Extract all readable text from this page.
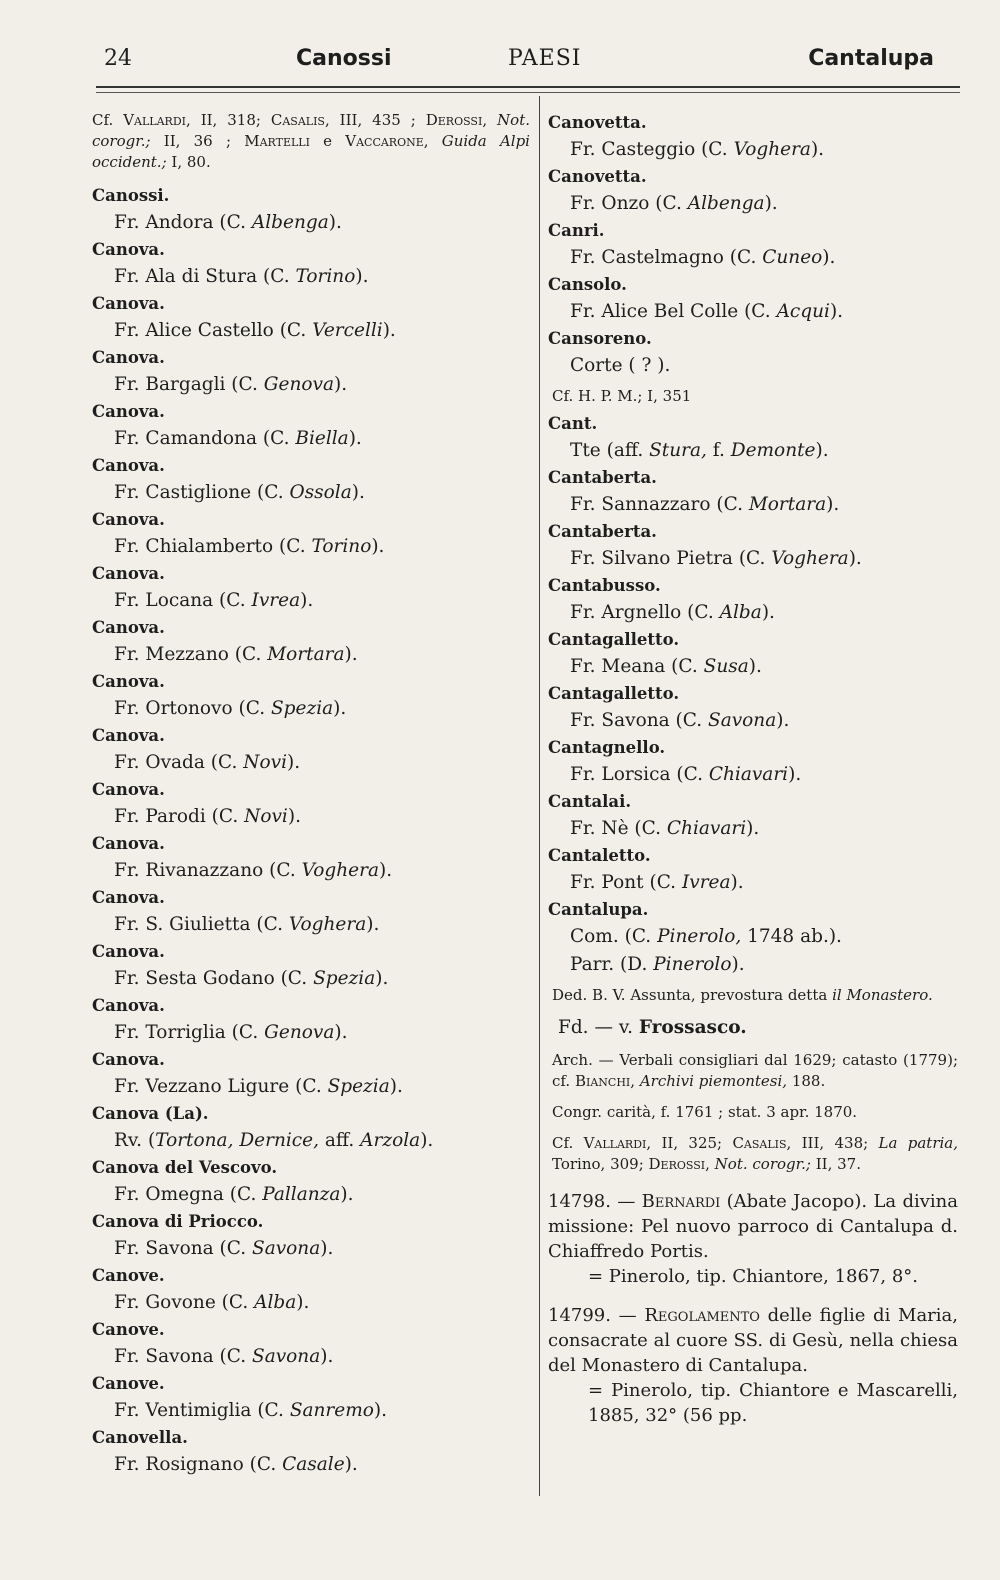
24	Canossi	PAESI	Cantalupa
Cf. Vallardi, II, 318; Casalis, III, 435 ; Derossi, Not. corogr.; II, 36 ; Martelli e Vaccarone, Guida Alpi occident.; I, 80.
Canossi.
Fr. Andora (C. Albenga).
Canova.
Fr. Ala di Stura (C. Torino).
Canova.
Fr. Alice Castello (C. Vercelli).
Canova.
Fr. Bargagli (C. Genova).
Canova.
Fr. Camandona (C. Biella).
Canova.
Fr. Castiglione (C. Ossola).
Canova.
Fr. Chialamberto (C. Torino).
Canova.
Fr. Locana (C. Ivrea).
Canova.
Fr. Mezzano (C. Mortara).
Canova.
Fr. Ortonovo (C. Spezia).
Canova.
Fr. Ovada (C. Novi).
Canova.
Fr. Parodi (C. Novi).
Canova.
Fr. Rivanazzano (C. Voghera).
Canova.
Fr. S. Giulietta (C. Voghera).
Canova.
Fr. Sesta Godano (C. Spezia).
Canova.
Fr. Torriglia (C. Genova).
Canova.
Fr. Vezzano Ligure (C. Spezia).
Canova (La).
Rv. (Tortona, Dernice, aff. Arzola).
Canova del Vescovo.
Fr. Omegna (C. Pallanza).
Canova di Priocco.
Fr. Savona (C. Savona).
Canove.
Fr. Govone (C. Alba).
Canove.
Fr. Savona (C. Savona).
Canove.
Fr. Ventimiglia (C. Sanremo).
Canovella.
Fr. Rosignano (C. Casale).
Canovetta.
Fr. Casteggio (C. Voghera).
Canovetta.
Fr. Onzo (C. Albenga).
Canri.
Fr. Castelmagno (C. Cuneo).
Cansolo.
Fr. Alice Bel Colle (C. Acqui).
Cansoreno.
Corte ( ? ).
Cf. H. P. M.; I, 351
Cant.
Tte (aff. Stura, f. Demonte).
Cantaberta.
Fr. Sannazzaro (C. Mortara).
Cantaberta.
Fr. Silvano Pietra (C. Voghera).
Cantabusso.
Fr. Argnello (C. Alba).
Cantagalletto.
Fr. Meana (C. Susa).
Cantagalletto.
Fr. Savona (C. Savona).
Cantagnello.
Fr. Lorsica (C. Chiavari).
Cantalai.
Fr. Nè (C. Chiavari).
Cantaletto.
Fr. Pont (C. Ivrea).
Cantalupa.
Com. (C. Pinerolo, 1748 ab.).
Parr. (D. Pinerolo).
Ded. B. V. Assunta, prevostura detta il Monastero.
Fd. — v. Frossasco.
Arch. — Verbali consigliari dal 1629; catasto (1779); cf. Bianchi, Archivi piemontesi, 188.
Congr. carità, f. 1761 ; stat. 3 apr. 1870.
Cf. Vallardi, II, 325; Casalis, III, 438; La patria, Torino, 309; Derossi, Not. corogr.; II, 37.
14798. — Bernardi (Abate Jacopo). La divina missione: Pel nuovo parroco di Cantalupa d. Chiaffredo Portis.
= Pinerolo, tip. Chiantore, 1867, 8°.
14799. — Regolamento delle figlie di Maria, consacrate al cuore SS. di Gesù, nella chiesa del Monastero di Cantalupa.
= Pinerolo, tip. Chiantore e Mascarelli, 1885, 32° (56 pp.
